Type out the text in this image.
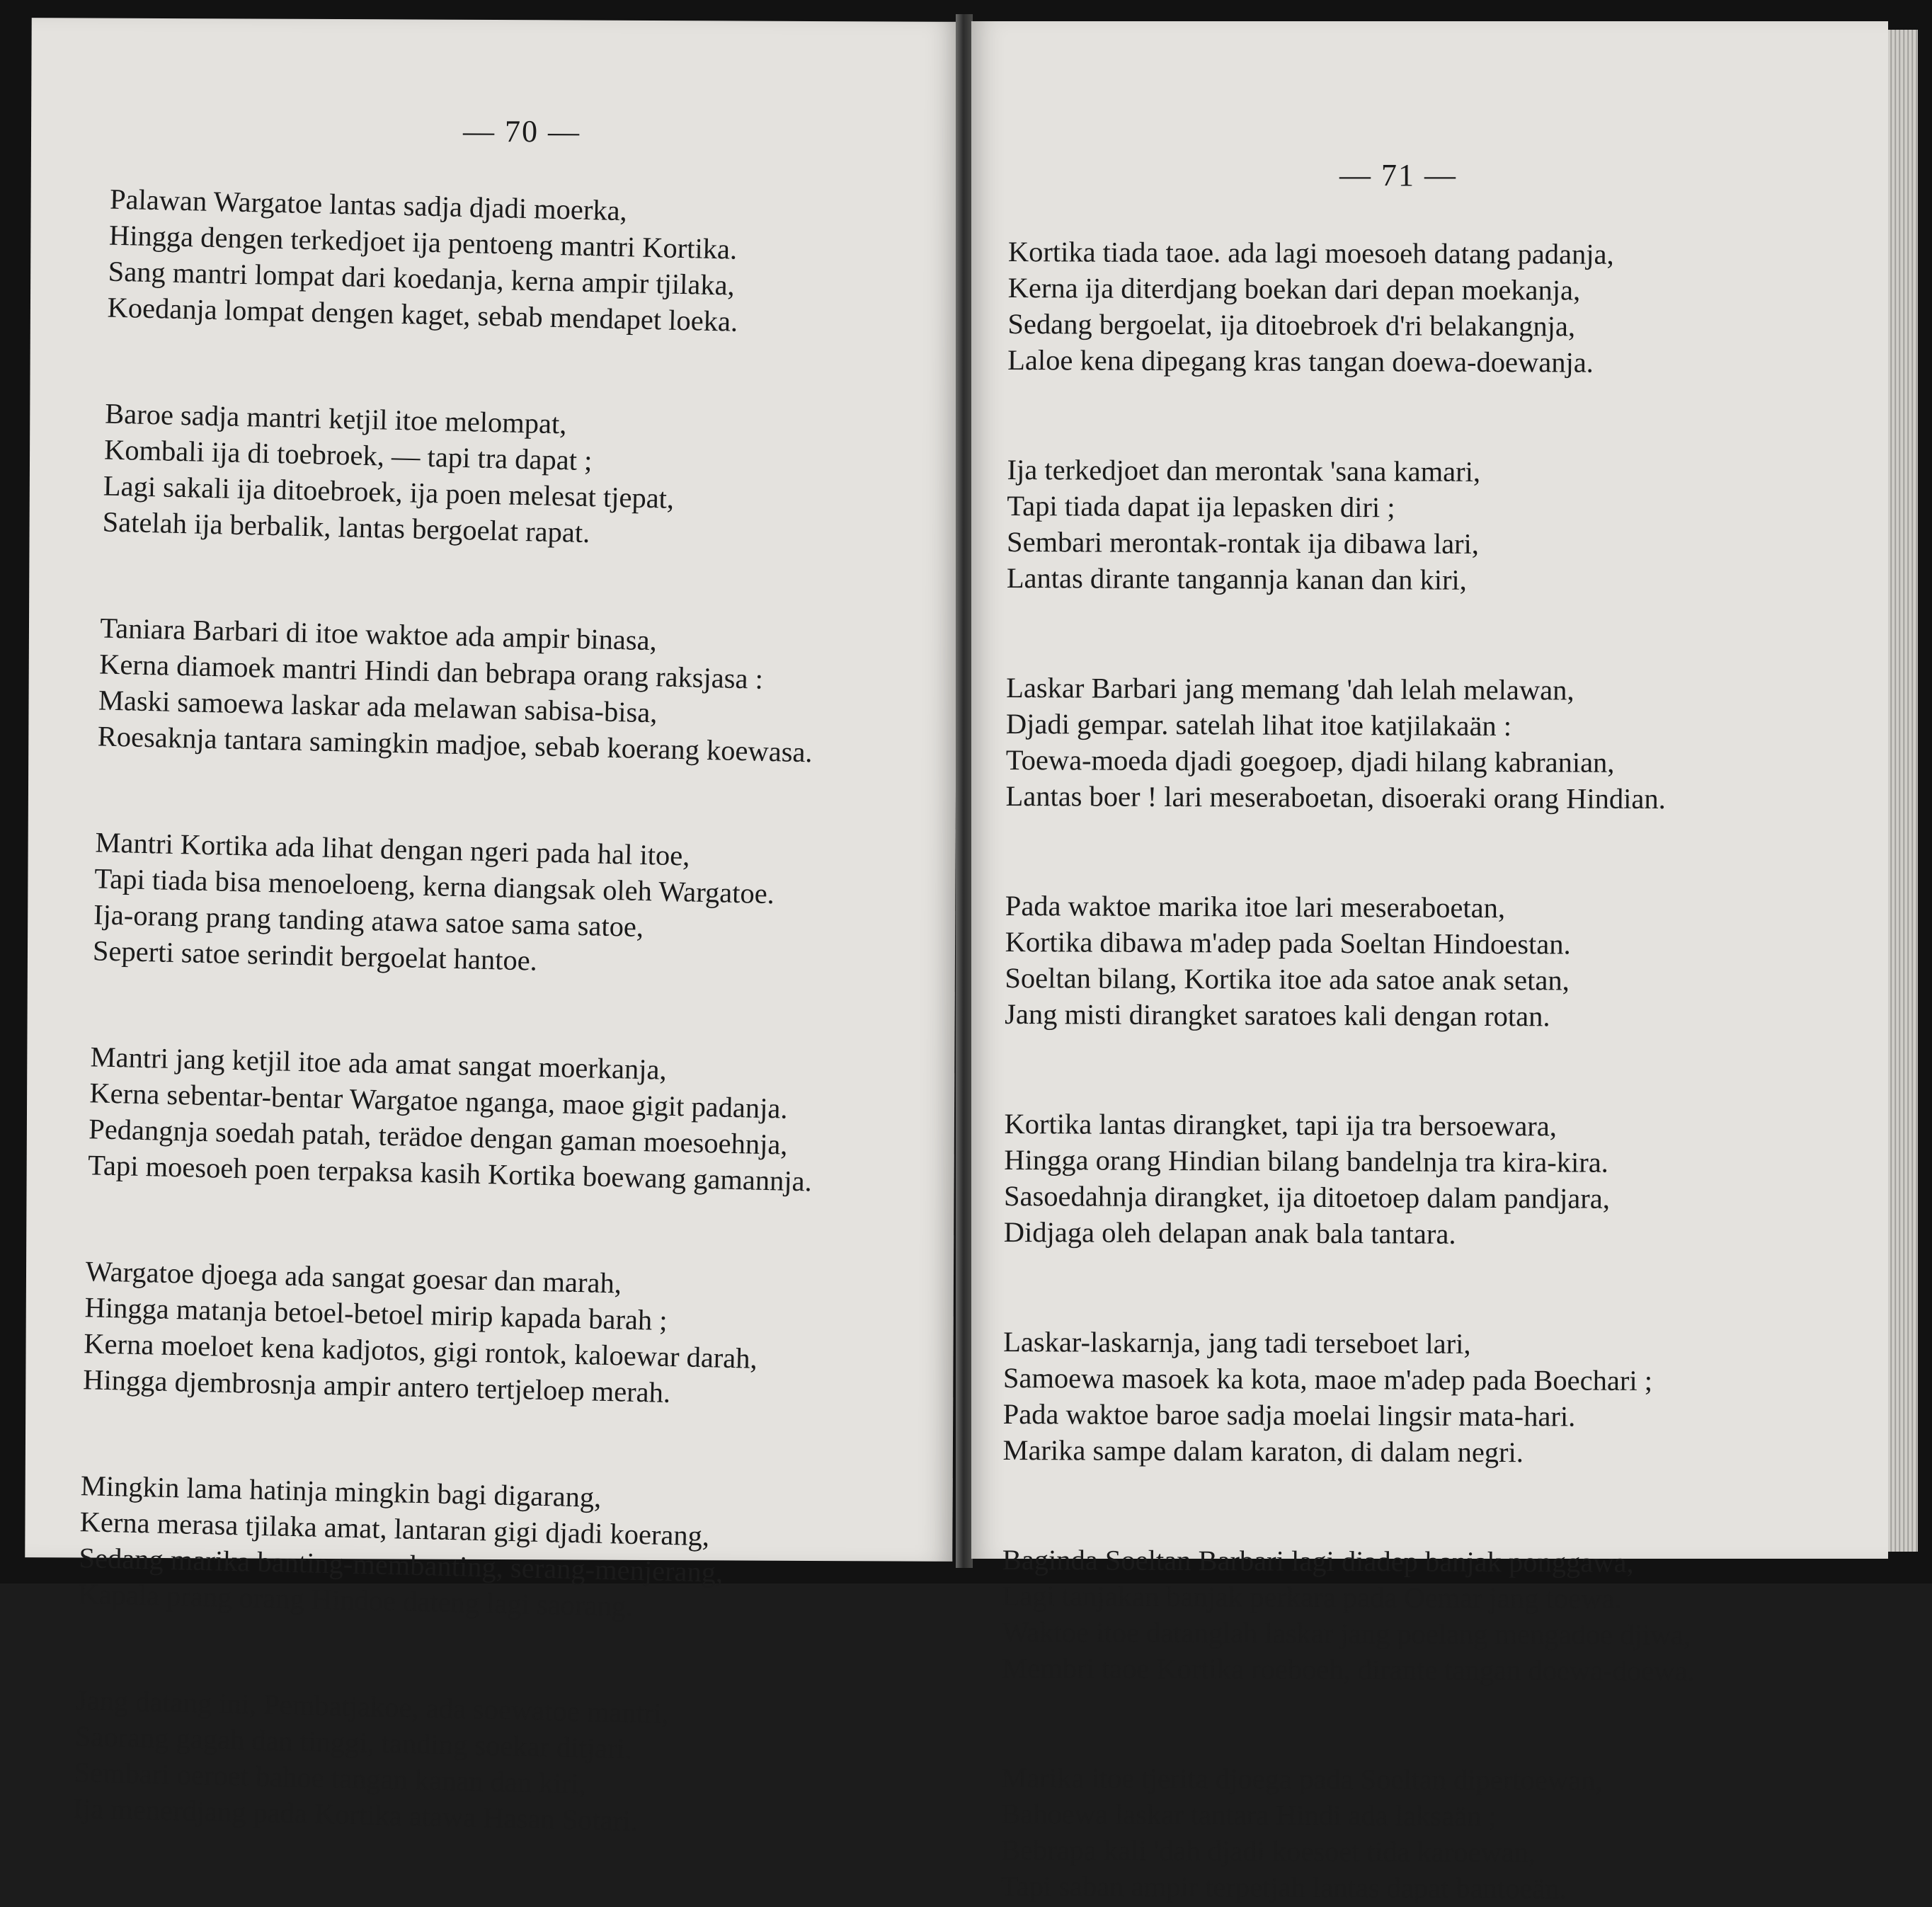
— 70 —
Palawan Wargatoe lantas sadja djadi moerka,
Hingga dengen terkedjoet ija pentoeng mantri Kortika.
Sang mantri lompat dari koedanja, kerna ampir tjilaka,
Koedanja lompat dengen kaget, sebab mendapet loeka.
Baroe sadja mantri ketjil itoe melompat,
Kombali ija di toebroek, — tapi tra dapat ;
Lagi sakali ija ditoebroek, ija poen melesat tjepat,
Satelah ija berbalik, lantas bergoelat rapat.
Taniara Barbari di itoe waktoe ada ampir binasa,
Kerna diamoek mantri Hindi dan bebrapa orang raksjasa :
Maski samoewa laskar ada melawan sabisa-bisa,
Roesaknja tantara samingkin madjoe, sebab koerang koewasa.
Mantri Kortika ada lihat dengan ngeri pada hal itoe,
Tapi tiada bisa menoeloeng, kerna diangsak oleh Wargatoe.
Ija-orang prang tanding atawa satoe sama satoe,
Seperti satoe serindit bergoelat hantoe.
Mantri jang ketjil itoe ada amat sangat moerkanja,
Kerna sebentar-bentar Wargatoe nganga, maoe gigit padanja.
Pedangnja soedah patah, terädoe dengan gaman moesoehnja,
Tapi moesoeh poen terpaksa kasih Kortika boewang gamannja.
Wargatoe djoega ada sangat goesar dan marah,
Hingga matanja betoel-betoel mirip kapada barah ;
Kerna moeloet kena kadjotos, gigi rontok, kaloewar darah,
Hingga djembrosnja ampir antero tertjeloep merah.
Mingkin lama hatinja mingkin bagi digarang,
Kerna merasa tjilaka amat, lantaran gigi djadi koerang,
Sedang marika banting-membanting, serang-menjerang,
Kapala prang orang Hindoe dateng lagi saorang.
Jang datang ini, Pembatjakoe, ada soewatoe mantri,
Saorang gagah dan tinggi, tanding soekar ditjari.
Sembari oeroet bahoe tangan kanan dan kiri,
Ija menerdjang pada Kortika atawa Hasan Sotari.
— 71 —
Kortika tiada taoe. ada lagi moesoeh datang padanja,
Kerna ija diterdjang boekan dari depan moekanja,
Sedang bergoelat, ija ditoebroek d'ri belakangnja,
Laloe kena dipegang kras tangan doewa-doewanja.
Ija terkedjoet dan merontak 'sana kamari,
Tapi tiada dapat ija lepasken diri ;
Sembari merontak-rontak ija dibawa lari,
Lantas dirante tangannja kanan dan kiri,
Laskar Barbari jang memang 'dah lelah melawan,
Djadi gempar. satelah lihat itoe katjilakaän :
Toewa-moeda djadi goegoep, djadi hilang kabranian,
Lantas boer ! lari meseraboetan, disoeraki orang Hindian.
Pada waktoe marika itoe lari meseraboetan,
Kortika dibawa m'adep pada Soeltan Hindoestan.
Soeltan bilang, Kortika itoe ada satoe anak setan,
Jang misti dirangket saratoes kali dengan rotan.
Kortika lantas dirangket, tapi ija tra bersoewara,
Hingga orang Hindian bilang bandelnja tra kira-kira.
Sasoedahnja dirangket, ija ditoetoep dalam pandjara,
Didjaga oleh delapan anak bala tantara.
Laskar-laskarnja, jang tadi terseboet lari,
Samoewa masoek ka kota, maoe m'adep pada Boechari ;
Pada waktoe baroe sadja moelai lingsir mata-hari.
Marika sampe dalam karaton, di dalam negri.
Baginda Soeltan Barbari lagi diadep banjak ponggawa,
Lagi tanjakan banjak perkara pada Oemar jang toewa.
Waktoe itoe datanglah laskar jang poelang mengadoe djiwa,
Membri taoe Kortika roeboeh, dirante tangan doewa-doewa.
Marika itoe tjerita djoega pada Soeltan dipertoewan,
Bahoewa laskar tantara Hindi ada laksaän ;
Bebrapa kali 'dah djadi koesoet tida karoewan,
Tapi saban ampir terpetjah lantas dapat bantoeän.
